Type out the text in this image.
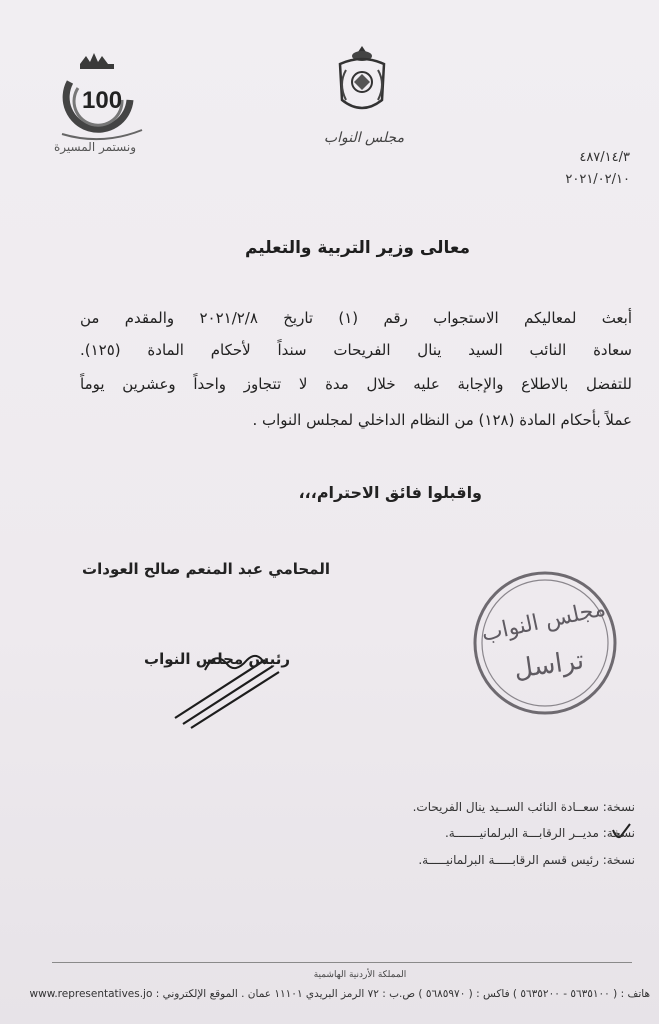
100
ونستمر المسيرة
مجلس النواب
٤٨٧/١٤/٣
٢٠٢١/٠٢/١٠
معالى وزير التربية والتعليم
أبعث لمعاليكم الاستجواب رقم (١) تاريخ ٢٠٢١/٢/٨ والمقدم من
سعادة النائب السيد ينال الفريحات سنداً لأحكام المادة (١٢٥).
للتفضل بالاطلاع والإجابة عليه خلال مدة لا تتجاوز واحداً وعشرين يوماً
عملاً بأحكام المادة (١٢٨) من النظام الداخلي لمجلس النواب .
واقبلوا فائق الاحترام،،،
المحامي عبد المنعم صالح العودات
رئيس مجلس النواب
مجلس النواب
تراسل
نسخة: سعــادة النائب الســيد ينال الفريحات.
نسخة: مديــر الرقابـــة البرلمانيـــــــة.
نسخة: رئيس قسم الرقابـــــة البرلمانيـــــة.
المملكة الأردنية الهاشمية
هاتف : ( ٥٦٣٥١٠٠ - ٥٦٣٥٢٠٠ ) فاكس : ( ٥٦٨٥٩٧٠ ) ص.ب : ٧٢ الرمز البريدي ١١١٠١ عمان . الموقع الإلكتروني : www.representatives.jo
